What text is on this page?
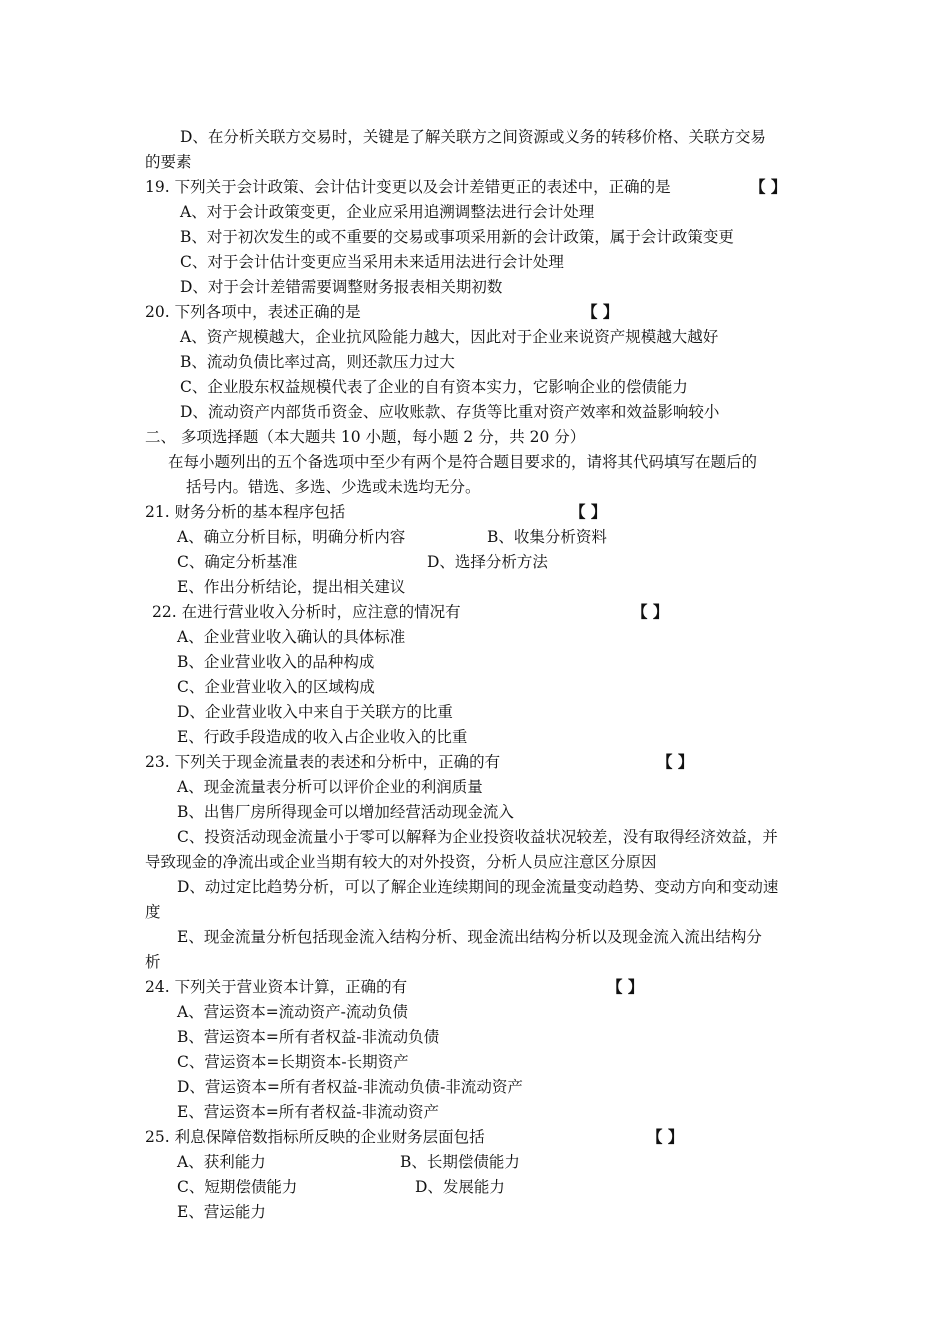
D、在分析关联方交易时，关键是了解关联方之间资源或义务的转移价格、关联方交易
的要素
19. 下列关于会计政策、会计估计变更以及会计差错更正的表述中，正确的是	【 】
A、对于会计政策变更，企业应采用追溯调整法进行会计处理
B、对于初次发生的或不重要的交易或事项采用新的会计政策，属于会计政策变更
C、对于会计估计变更应当采用未来适用法进行会计处理
D、对于会计差错需要调整财务报表相关期初数
20. 下列各项中，表述正确的是	【 】
A、资产规模越大，企业抗风险能力越大，因此对于企业来说资产规模越大越好
B、流动负债比率过高，则还款压力过大
C、企业股东权益规模代表了企业的自有资本实力，它影响企业的偿债能力
D、流动资产内部货币资金、应收账款、存货等比重对资产效率和效益影响较小
二、 多项选择题（本大题共 10 小题，每小题 2 分，共 20 分）
在每小题列出的五个备选项中至少有两个是符合题目要求的，请将其代码填写在题后的
括号内。错选、多选、少选或未选均无分。
21. 财务分析的基本程序包括	【 】
A、确立分析目标，明确分析内容	B、收集分析资料
C、确定分析基准	D、选择分析方法
E、作出分析结论，提出相关建议
22. 在进行营业收入分析时，应注意的情况有	【 】
A、企业营业收入确认的具体标准
B、企业营业收入的品种构成
C、企业营业收入的区域构成
D、企业营业收入中来自于关联方的比重
E、行政手段造成的收入占企业收入的比重
23. 下列关于现金流量表的表述和分析中，正确的有	【 】
A、现金流量表分析可以评价企业的利润质量
B、出售厂房所得现金可以增加经营活动现金流入
C、投资活动现金流量小于零可以解释为企业投资收益状况较差，没有取得经济效益，并
导致现金的净流出或企业当期有较大的对外投资，分析人员应注意区分原因
D、动过定比趋势分析，可以了解企业连续期间的现金流量变动趋势、变动方向和变动速
度
E、现金流量分析包括现金流入结构分析、现金流出结构分析以及现金流入流出结构分
析
24. 下列关于营业资本计算，正确的有	【 】
A、营运资本=流动资产-流动负债
B、营运资本=所有者权益-非流动负债
C、营运资本=长期资本-长期资产
D、营运资本=所有者权益-非流动负债-非流动资产
E、营运资本=所有者权益-非流动资产
25. 利息保障倍数指标所反映的企业财务层面包括	【 】
A、获利能力	B、长期偿债能力
C、短期偿债能力	D、发展能力
E、营运能力
